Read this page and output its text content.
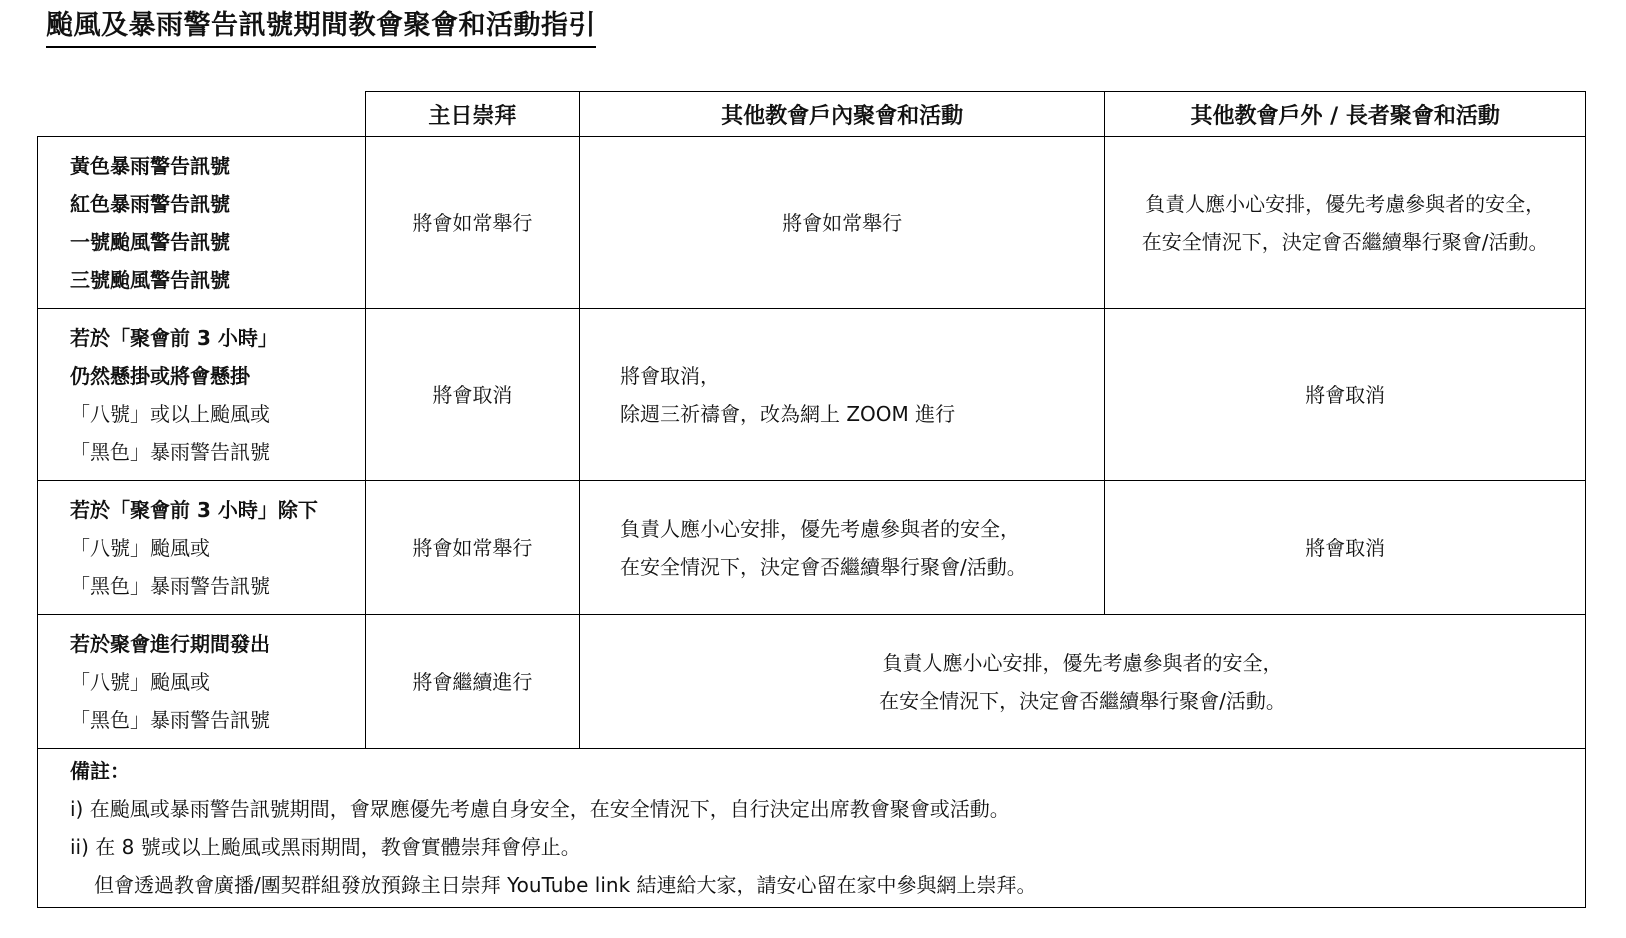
颱風及暴雨警告訊號期間教會聚會和活動指引
	主日崇拜	其他教會戶內聚會和活動	其他教會戶外 / 長者聚會和活動

黃色暴雨警告訊號
紅色暴雨警告訊號
一號颱風警告訊號
三號颱風警告訊號	將會如常舉行	將會如常舉行	負責人應小心安排，優先考慮參與者的安全，
在安全情況下，決定會否繼續舉行聚會/活動。

若於「聚會前 3 小時」
仍然懸掛或將會懸掛
「八號」或以上颱風或
「黑色」暴雨警告訊號	將會取消	將會取消，
除週三祈禱會，改為網上 ZOOM 進行	將會取消

若於「聚會前 3 小時」除下
「八號」颱風或
「黑色」暴雨警告訊號	將會如常舉行	負責人應小心安排，優先考慮參與者的安全，
在安全情況下，決定會否繼續舉行聚會/活動。	將會取消

若於聚會進行期間發出
「八號」颱風或
「黑色」暴雨警告訊號	將會繼續進行	負責人應小心安排，優先考慮參與者的安全，
在安全情況下，決定會否繼續舉行聚會/活動。	

備註：
i) 在颱風或暴雨警告訊號期間，會眾應優先考慮自身安全，在安全情況下，自行決定出席教會聚會或活動。
ii) 在 8 號或以上颱風或黑雨期間，教會實體崇拜會停止。
但會透過教會廣播/團契群組發放預錄主日崇拜 YouTube link 結連給大家，請安心留在家中參與網上崇拜。			
